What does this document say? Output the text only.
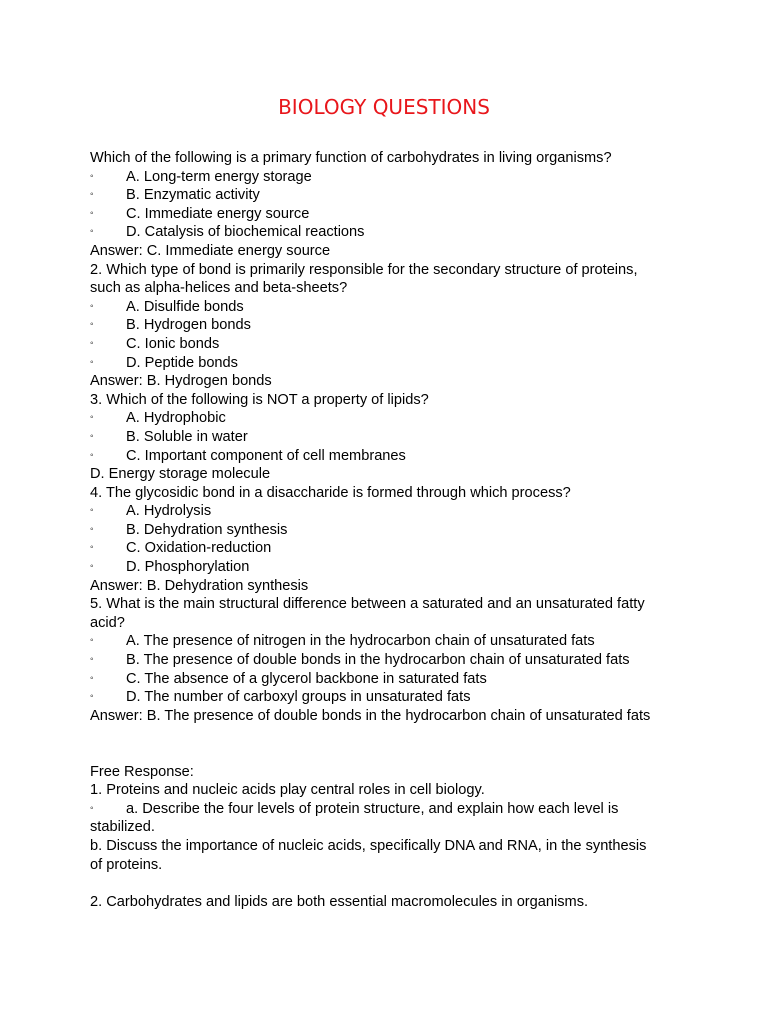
BIOLOGY QUESTIONS
Which of the following is a primary function of carbohydrates in living organisms?
◦	A. Long-term energy storage
◦	B. Enzymatic activity
◦	C. Immediate energy source
◦	D. Catalysis of biochemical reactions
Answer: C. Immediate energy source
2. Which type of bond is primarily responsible for the secondary structure of proteins,
such as alpha-helices and beta-sheets?
◦	A. Disulfide bonds
◦	B. Hydrogen bonds
◦	C. Ionic bonds
◦	D. Peptide bonds
Answer: B. Hydrogen bonds
3. Which of the following is NOT a property of lipids?
◦	A. Hydrophobic
◦	B. Soluble in water
◦	C. Important component of cell membranes
D. Energy storage molecule
4. The glycosidic bond in a disaccharide is formed through which process?
◦	A. Hydrolysis
◦	B. Dehydration synthesis
◦	C. Oxidation-reduction
◦	D. Phosphorylation
Answer: B. Dehydration synthesis
5. What is the main structural difference between a saturated and an unsaturated fatty
acid?
◦	A. The presence of nitrogen in the hydrocarbon chain of unsaturated fats
◦	B. The presence of double bonds in the hydrocarbon chain of unsaturated fats
◦	C. The absence of a glycerol backbone in saturated fats
◦	D. The number of carboxyl groups in unsaturated fats
Answer: B. The presence of double bonds in the hydrocarbon chain of unsaturated fats
Free Response:
1. Proteins and nucleic acids play central roles in cell biology.
◦	a. Describe the four levels of protein structure, and explain how each level is
stabilized.
b. Discuss the importance of nucleic acids, specifically DNA and RNA, in the synthesis
of proteins.
2. Carbohydrates and lipids are both essential macromolecules in organisms.
